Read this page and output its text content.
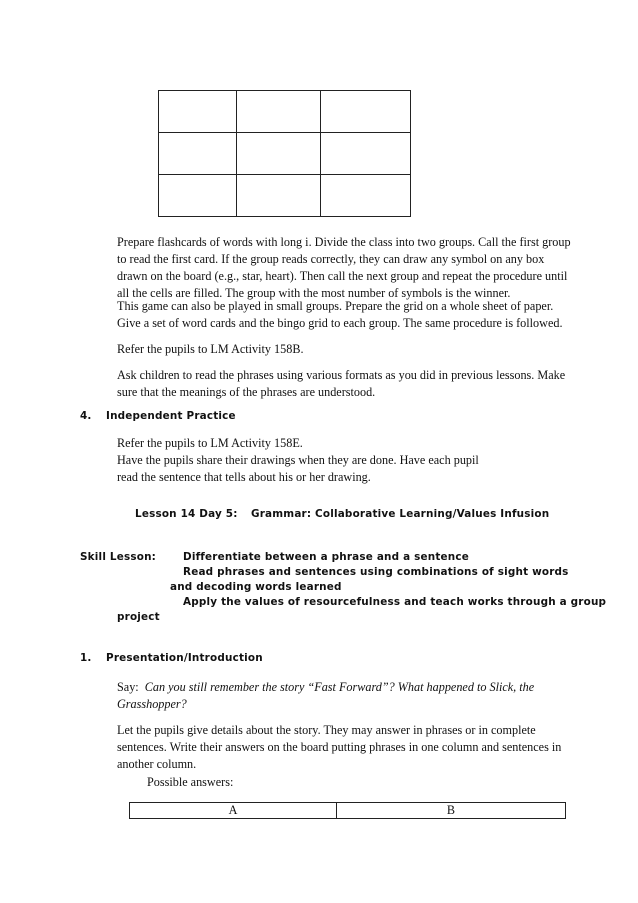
Prepare flashcards of words with long i. Divide the class into two groups. Call the first group
to read the first card. If the group reads correctly, they can draw any symbol on any box
drawn on the board (e.g., star, heart). Then call the next group and repeat the procedure until
all the cells are filled. The group with the most number of symbols is the winner.
This game can also be played in small groups. Prepare the grid on a whole sheet of paper.
Give a set of word cards and the bingo grid to each group. The same procedure is followed.
Refer the pupils to LM Activity 158B.
Ask children to read the phrases using various formats as you did in previous lessons. Make
sure that the meanings of the phrases are understood.
4. Independent Practice
Refer the pupils to LM Activity 158E.
Have the pupils share their drawings when they are done. Have each pupil
read the sentence that tells about his or her drawing.
Lesson 14 Day 5: Grammar: Collaborative Learning/Values Infusion
Skill Lesson:	Differentiate between a phrase and a sentence
Read phrases and sentences using combinations of sight words
and decoding words learned
Apply the values of resourcefulness and teach works through a group
project
1. Presentation/Introduction
Say: Can you still remember the story “Fast Forward”? What happened to Slick, the
Grasshopper?
Let the pupils give details about the story. They may answer in phrases or in complete
sentences. Write their answers on the board putting phrases in one column and sentences in
another column.
Possible answers:
A	B
